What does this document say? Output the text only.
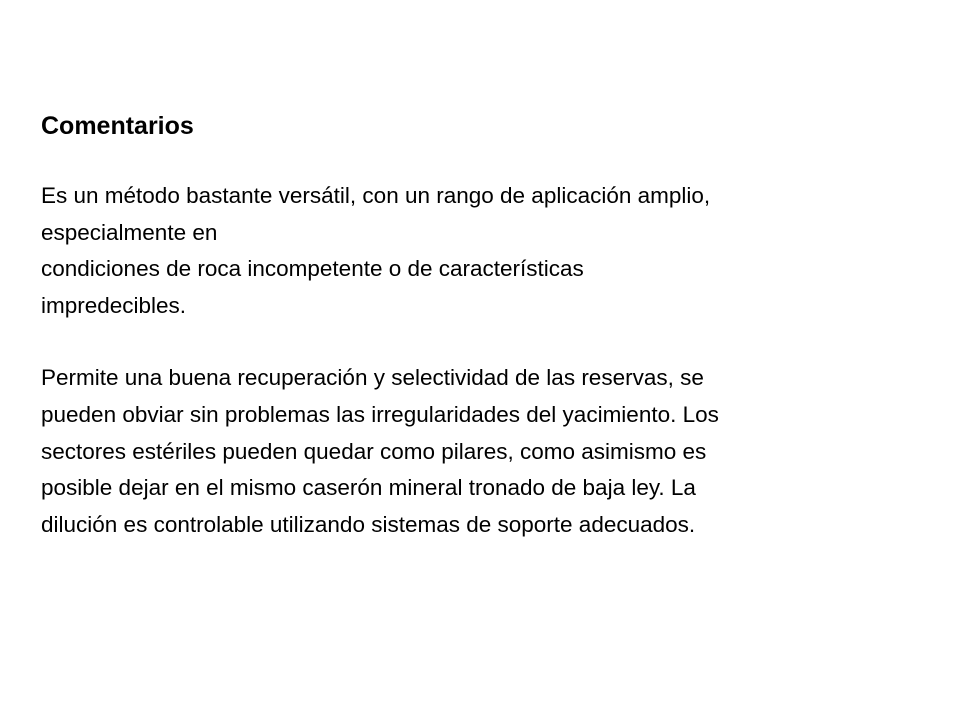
Comentarios

Es un método bastante versátil, con un rango de aplicación amplio,
especialmente en
condiciones de roca incompetente o de características
impredecibles.

Permite una buena recuperación y selectividad de las reservas, se
pueden obviar sin problemas las irregularidades del yacimiento. Los
sectores estériles pueden quedar como pilares, como asimismo es
posible dejar en el mismo caserón mineral tronado de baja ley. La
dilución es controlable utilizando sistemas de soporte adecuados.
